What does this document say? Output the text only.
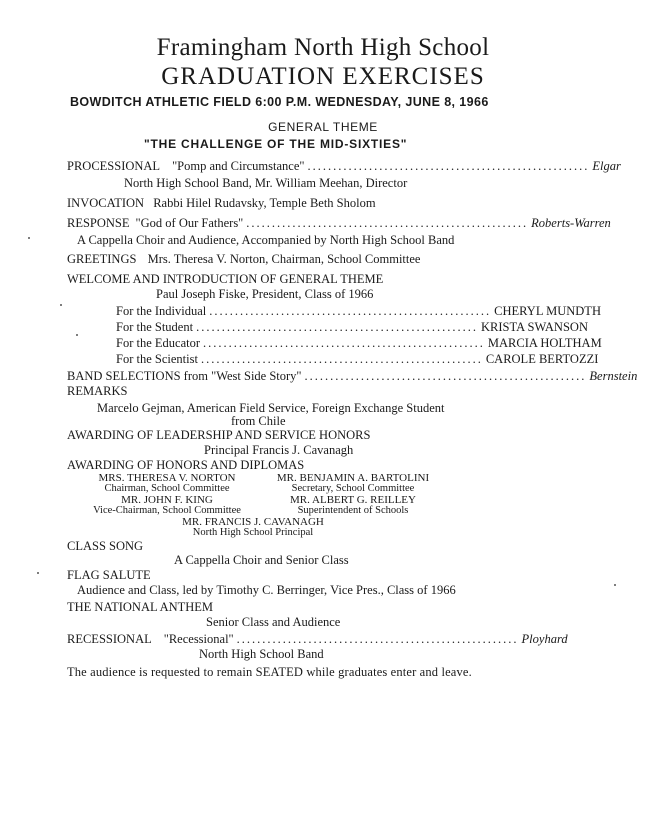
Framingham North High School
GRADUATION EXERCISES
BOWDITCH ATHLETIC FIELD 6:00 P.M. WEDNESDAY, JUNE 8, 1966
GENERAL THEME
"THE CHALLENGE OF THE MID-SIXTIES"
PROCESSIONAL "Pomp and Circumstance" ....................................................... Elgar
North High School Band, Mr. William Meehan, Director
INVOCATION Rabbi Hilel Rudavsky, Temple Beth Sholom
RESPONSE "God of Our Fathers" ....................................................... Roberts-Warren
A Cappella Choir and Audience, Accompanied by North High School Band
GREETINGS Mrs. Theresa V. Norton, Chairman, School Committee
WELCOME AND INTRODUCTION OF GENERAL THEME
Paul Joseph Fiske, President, Class of 1966
For the Individual ....................................................... CHERYL MUNDTH
For the Student ....................................................... KRISTA SWANSON
For the Educator ....................................................... MARCIA HOLTHAM
For the Scientist ....................................................... CAROLE BERTOZZI
BAND SELECTIONS from "West Side Story" ....................................................... Bernstein
REMARKS
Marcelo Gejman, American Field Service, Foreign Exchange Student
from Chile
AWARDING OF LEADERSHIP AND SERVICE HONORS
Principal Francis J. Cavanagh
AWARDING OF HONORS AND DIPLOMAS
MRS. THERESA V. NORTON
Chairman, School Committee
MR. BENJAMIN A. BARTOLINI
Secretary, School Committee
MR. JOHN F. KING
Vice-Chairman, School Committee
MR. ALBERT G. REILLEY
Superintendent of Schools
MR. FRANCIS J. CAVANAGH
North High School Principal
CLASS SONG
A Cappella Choir and Senior Class
FLAG SALUTE
Audience and Class, led by Timothy C. Berringer, Vice Pres., Class of 1966
THE NATIONAL ANTHEM
Senior Class and Audience
RECESSIONAL "Recessional" ....................................................... Ployhard
North High School Band
The audience is requested to remain SEATED while graduates enter and leave.
